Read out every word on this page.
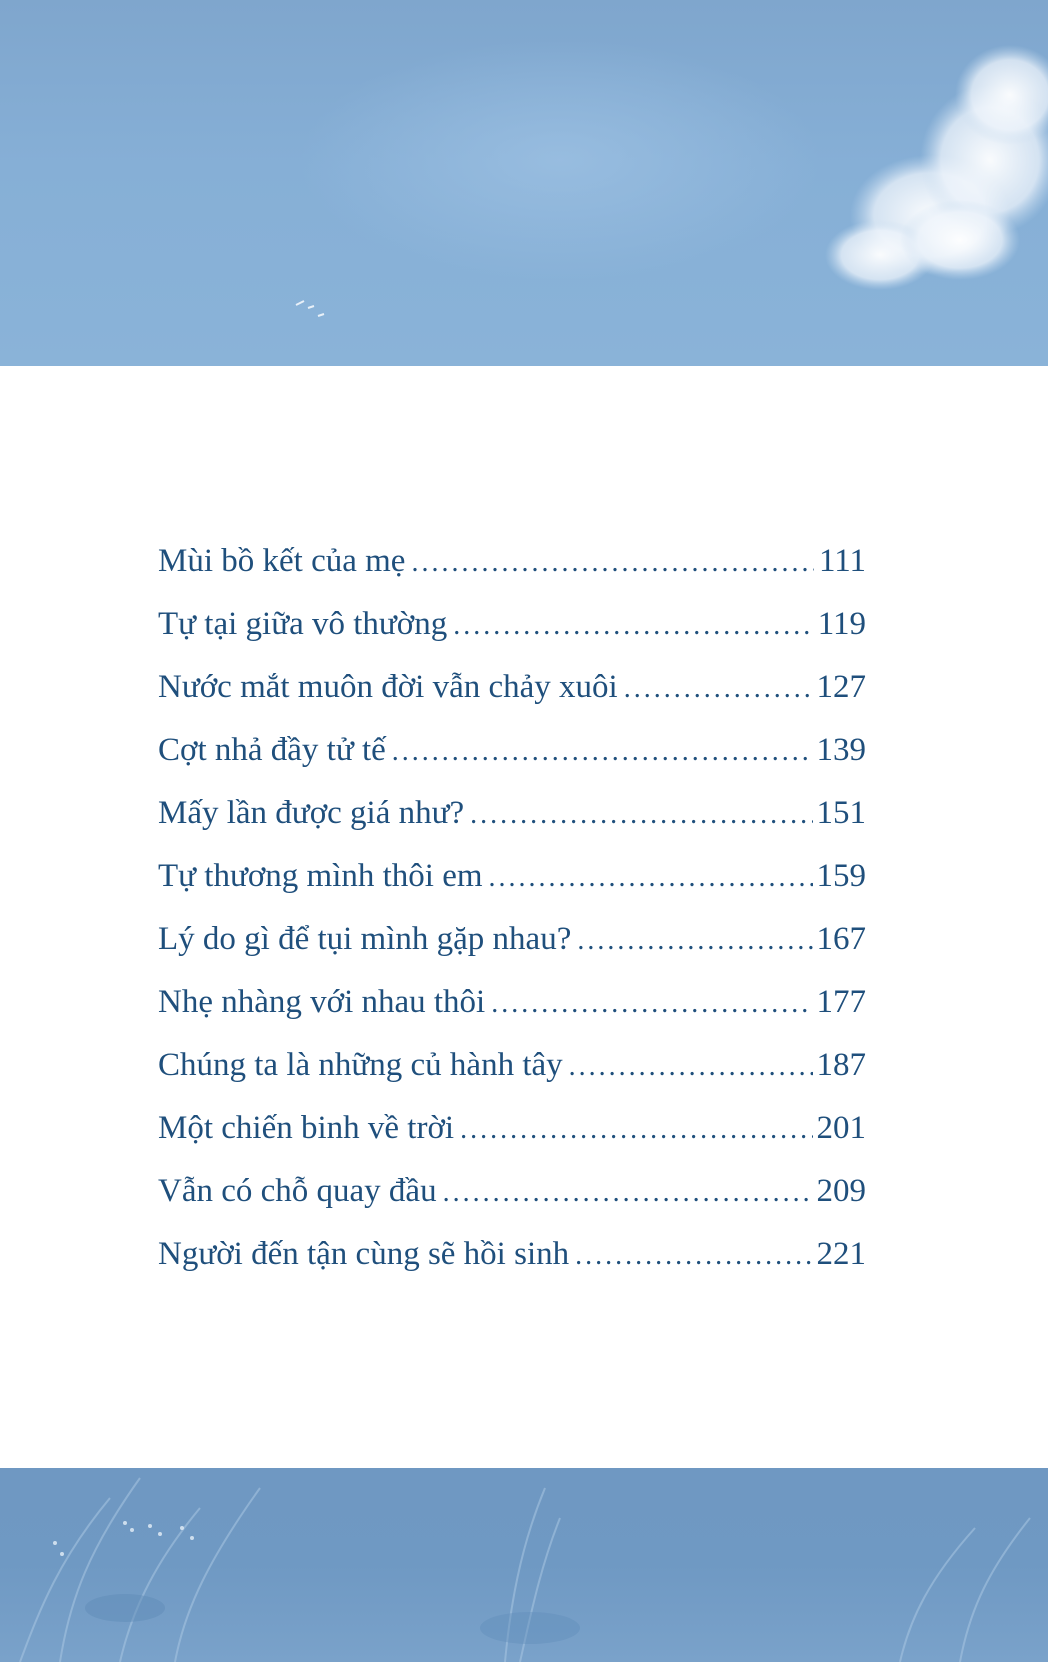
Mùi bồ kết của mẹ . . .	111
Tự tại giữa vô thường . . .	119
Nước mắt muôn đời vẫn chảy xuôi . . .	127
Cợt nhả đầy tử tế . . .	139
Mấy lần được giá như? . . .	151
Tự thương mình thôi em . . .	159
Lý do gì để tụi mình gặp nhau? . . .	167
Nhẹ nhàng với nhau thôi . . .	177
Chúng ta là những củ hành tây . . .	187
Một chiến binh về trời . . .	201
Vẫn có chỗ quay đầu . . .	209
Người đến tận cùng sẽ hồi sinh . . .	221
